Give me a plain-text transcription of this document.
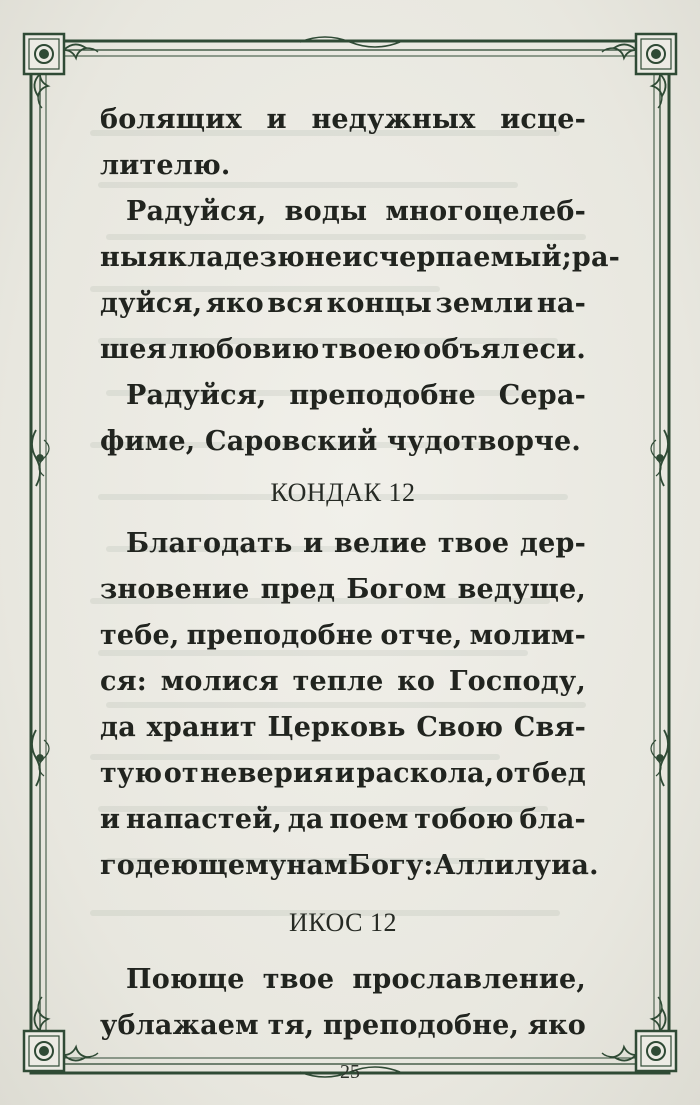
болящих и недужных исце-
лителю.
Радуйся, воды многоцелеб-
ныя кладезю неисчерпаемый; ра-
дуйся, яко вся концы земли на-
шея любовию твоею объял еси.
Радуйся, преподобне Сера-
фиме, Саровский чудотворче.
КОНДАК 12
Благодать и велие твое дер-
зновение пред Богом ведуще,
тебе, преподобне отче, молим-
ся: молися тепле ко Господу,
да хранит Церковь Свою Свя-
тую от неверия и раскола, от бед
и напастей, да поем тобою бла-
годеющему нам Богу: Аллилуиа.
ИКОС 12
Поюще твое прославление,
ублажаем тя, преподобне, яко
25
